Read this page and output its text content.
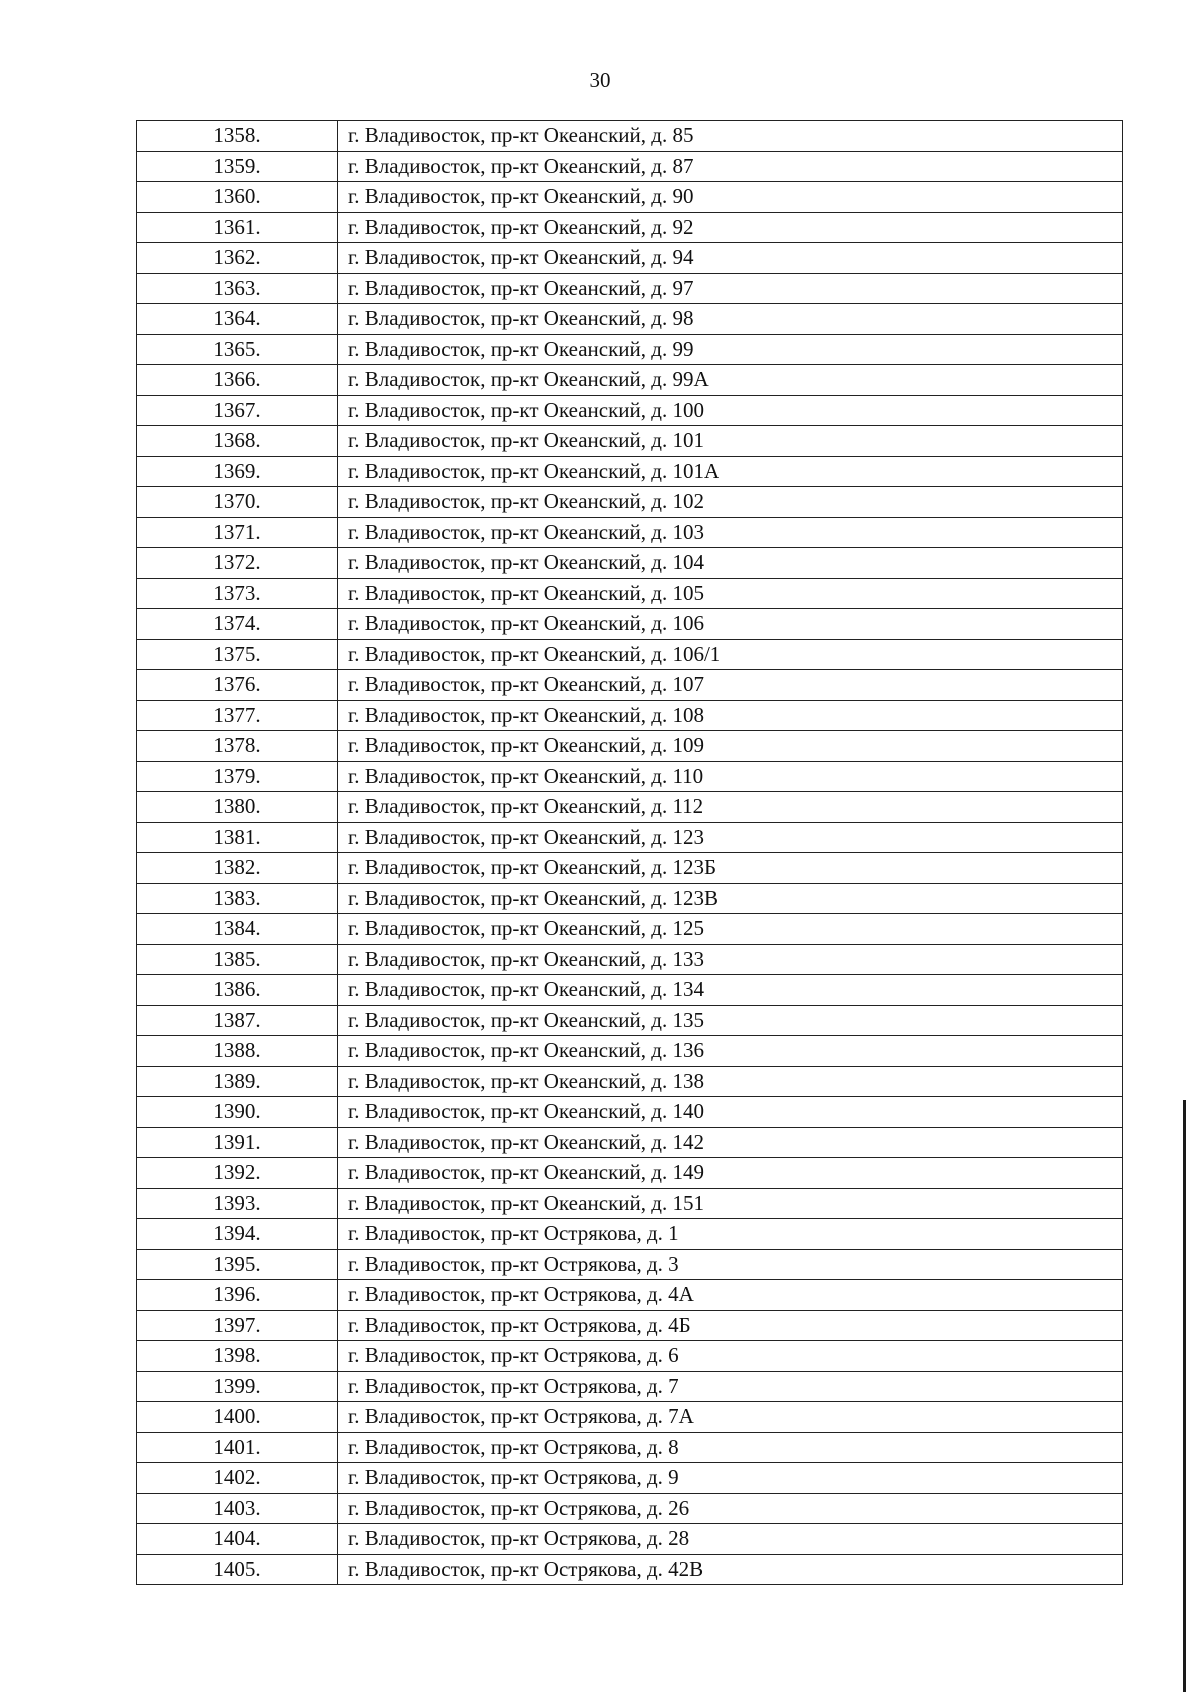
30
1358.	г. Владивосток, пр-кт Океанский, д. 85
1359.	г. Владивосток, пр-кт Океанский, д. 87
1360.	г. Владивосток, пр-кт Океанский, д. 90
1361.	г. Владивосток, пр-кт Океанский, д. 92
1362.	г. Владивосток, пр-кт Океанский, д. 94
1363.	г. Владивосток, пр-кт Океанский, д. 97
1364.	г. Владивосток, пр-кт Океанский, д. 98
1365.	г. Владивосток, пр-кт Океанский, д. 99
1366.	г. Владивосток, пр-кт Океанский, д. 99А
1367.	г. Владивосток, пр-кт Океанский, д. 100
1368.	г. Владивосток, пр-кт Океанский, д. 101
1369.	г. Владивосток, пр-кт Океанский, д. 101А
1370.	г. Владивосток, пр-кт Океанский, д. 102
1371.	г. Владивосток, пр-кт Океанский, д. 103
1372.	г. Владивосток, пр-кт Океанский, д. 104
1373.	г. Владивосток, пр-кт Океанский, д. 105
1374.	г. Владивосток, пр-кт Океанский, д. 106
1375.	г. Владивосток, пр-кт Океанский, д. 106/1
1376.	г. Владивосток, пр-кт Океанский, д. 107
1377.	г. Владивосток, пр-кт Океанский, д. 108
1378.	г. Владивосток, пр-кт Океанский, д. 109
1379.	г. Владивосток, пр-кт Океанский, д. 110
1380.	г. Владивосток, пр-кт Океанский, д. 112
1381.	г. Владивосток, пр-кт Океанский, д. 123
1382.	г. Владивосток, пр-кт Океанский, д. 123Б
1383.	г. Владивосток, пр-кт Океанский, д. 123В
1384.	г. Владивосток, пр-кт Океанский, д. 125
1385.	г. Владивосток, пр-кт Океанский, д. 133
1386.	г. Владивосток, пр-кт Океанский, д. 134
1387.	г. Владивосток, пр-кт Океанский, д. 135
1388.	г. Владивосток, пр-кт Океанский, д. 136
1389.	г. Владивосток, пр-кт Океанский, д. 138
1390.	г. Владивосток, пр-кт Океанский, д. 140
1391.	г. Владивосток, пр-кт Океанский, д. 142
1392.	г. Владивосток, пр-кт Океанский, д. 149
1393.	г. Владивосток, пр-кт Океанский, д. 151
1394.	г. Владивосток, пр-кт Острякова, д. 1
1395.	г. Владивосток, пр-кт Острякова, д. 3
1396.	г. Владивосток, пр-кт Острякова, д. 4А
1397.	г. Владивосток, пр-кт Острякова, д. 4Б
1398.	г. Владивосток, пр-кт Острякова, д. 6
1399.	г. Владивосток, пр-кт Острякова, д. 7
1400.	г. Владивосток, пр-кт Острякова, д. 7А
1401.	г. Владивосток, пр-кт Острякова, д. 8
1402.	г. Владивосток, пр-кт Острякова, д. 9
1403.	г. Владивосток, пр-кт Острякова, д. 26
1404.	г. Владивосток, пр-кт Острякова, д. 28
1405.	г. Владивосток, пр-кт Острякова, д. 42В
